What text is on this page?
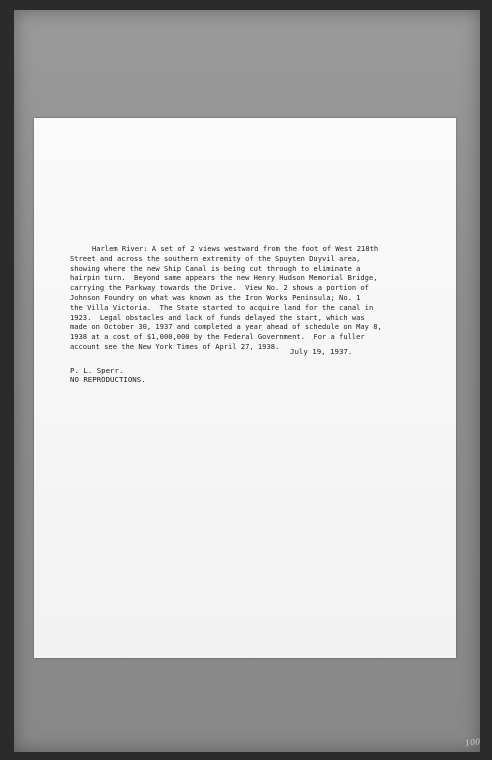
Harlem River: A set of 2 views westward from the foot of West 218th
Street and across the southern extremity of the Spuyten Duyvil area,
showing where the new Ship Canal is being cut through to eliminate a
hairpin turn.  Beyond same appears the new Henry Hudson Memorial Bridge,
carrying the Parkway towards the Drive.  View No. 2 shows a portion of
Johnson Foundry on what was known as the Iron Works Peninsula; No. 1
the Villa Victoria.  The State started to acquire land for the canal in
1923.  Legal obstacles and lack of funds delayed the start, which was
made on October 30, 1937 and completed a year ahead of schedule on May 8,
1938 at a cost of $1,000,000 by the Federal Government.  For a fuller
account see the New York Times of April 27, 1938.

July 19, 1937.
P. L. Sperr.
NO REPRODUCTIONS.
100
